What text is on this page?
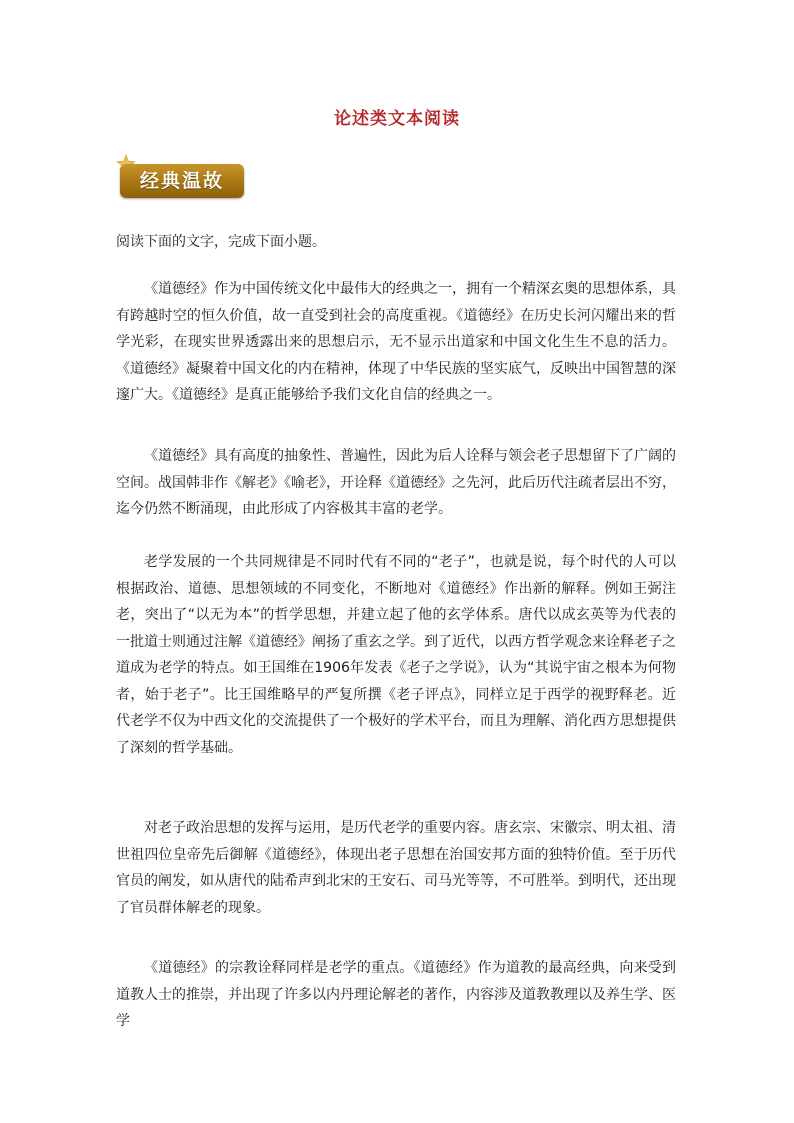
论述类文本阅读
经典温故

阅读下面的文字，完成下面小题。

《道德经》作为中国传统文化中最伟大的经典之一，拥有一个精深玄奥的思想体系，具有跨越时空的恒久价值，故一直受到社会的高度重视。《道德经》在历史长河闪耀出来的哲学光彩，在现实世界透露出来的思想启示，无不显示出道家和中国文化生生不息的活力。《道德经》凝聚着中国文化的内在精神，体现了中华民族的坚实底气，反映出中国智慧的深邃广大。《道德经》是真正能够给予我们文化自信的经典之一。

《道德经》具有高度的抽象性、普遍性，因此为后人诠释与领会老子思想留下了广阔的空间。战国韩非作《解老》《喻老》，开诠释《道德经》之先河，此后历代注疏者层出不穷，迄今仍然不断涌现，由此形成了内容极其丰富的老学。

老学发展的一个共同规律是不同时代有不同的“老子”，也就是说，每个时代的人可以根据政治、道德、思想领域的不同变化，不断地对《道德经》作出新的解释。例如王弼注老，突出了“以无为本”的哲学思想，并建立起了他的玄学体系。唐代以成玄英等为代表的一批道士则通过注解《道德经》阐扬了重玄之学。到了近代，以西方哲学观念来诠释老子之道成为老学的特点。如王国维在1906年发表《老子之学说》，认为“其说宇宙之根本为何物者，始于老子”。比王国维略早的严复所撰《老子评点》，同样立足于西学的视野释老。近代老学不仅为中西文化的交流提供了一个极好的学术平台，而且为理解、消化西方思想提供了深刻的哲学基础。

对老子政治思想的发挥与运用，是历代老学的重要内容。唐玄宗、宋徽宗、明太祖、清世祖四位皇帝先后御解《道德经》，体现出老子思想在治国安邦方面的独特价值。至于历代官员的阐发，如从唐代的陆希声到北宋的王安石、司马光等等，不可胜举。到明代，还出现了官员群体解老的现象。

《道德经》的宗教诠释同样是老学的重点。《道德经》作为道教的最高经典，向来受到道教人士的推崇，并出现了许多以内丹理论解老的著作，内容涉及道教教理以及养生学、医学
